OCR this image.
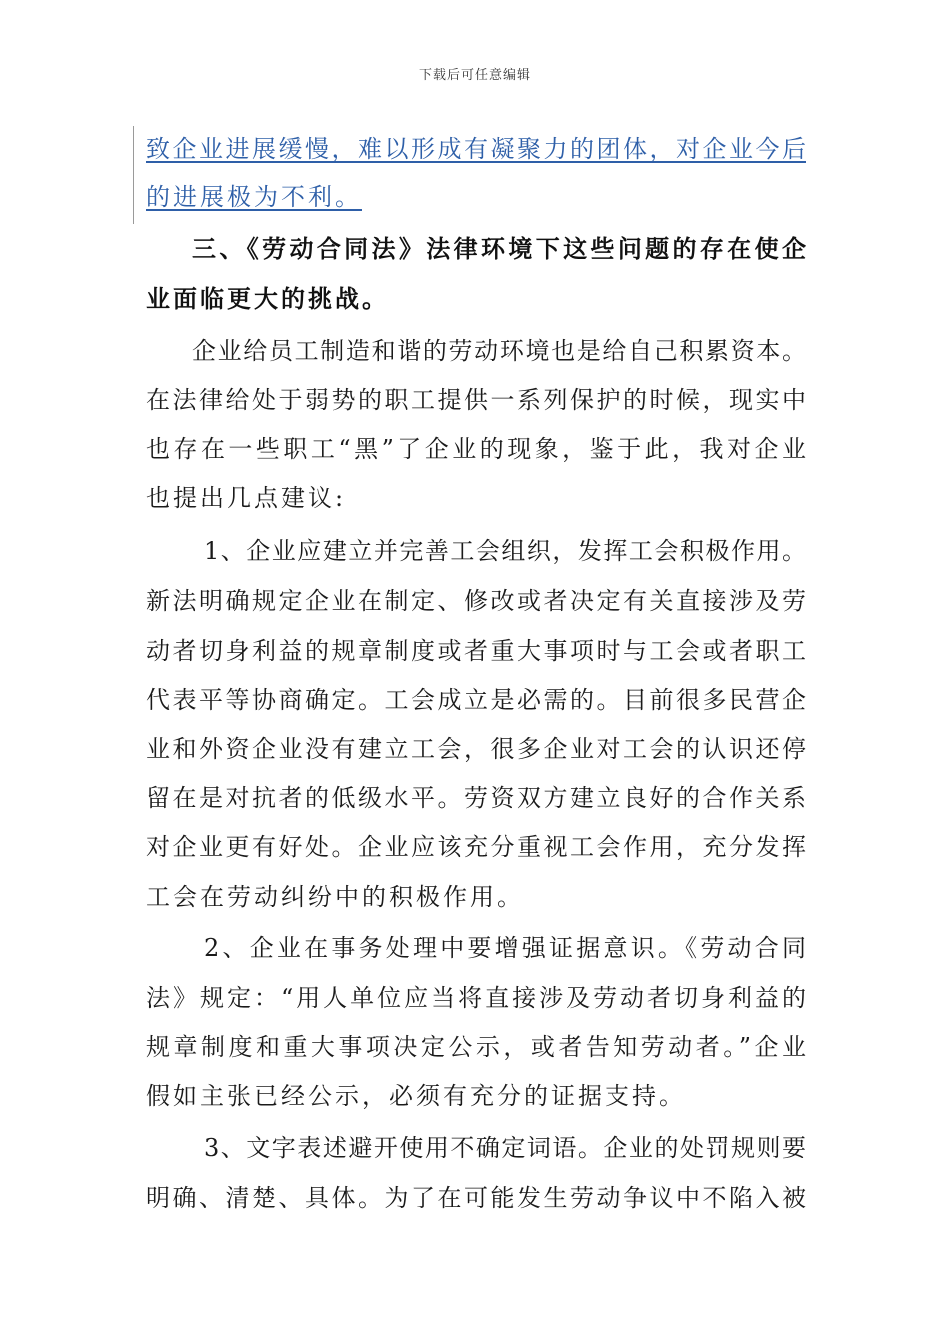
下载后可任意编辑
致企业进展缓慢，难以形成有凝聚力的团体，对企业今后
的进展极为不利。
三、《劳动合同法》法律环境下这些问题的存在使企
业面临更大的挑战。
企业给员工制造和谐的劳动环境也是给自己积累资本。
在法律给处于弱势的职工提供一系列保护的时候，现实中
也存在一些职工“黑”了企业的现象，鉴于此，我对企业
也提出几点建议:
1、企业应建立并完善工会组织，发挥工会积极作用。
新法明确规定企业在制定、修改或者决定有关直接涉及劳
动者切身利益的规章制度或者重大事项时与工会或者职工
代表平等协商确定。工会成立是必需的。目前很多民营企
业和外资企业没有建立工会，很多企业对工会的认识还停
留在是对抗者的低级水平。劳资双方建立良好的合作关系
对企业更有好处。企业应该充分重视工会作用，充分发挥
工会在劳动纠纷中的积极作用。
2、企业在事务处理中要增强证据意识。《劳动合同
法》规定：“用人单位应当将直接涉及劳动者切身利益的
规章制度和重大事项决定公示，或者告知劳动者。”企业
假如主张已经公示，必须有充分的证据支持。
3、文字表述避开使用不确定词语。企业的处罚规则要
明确、清楚、具体。为了在可能发生劳动争议中不陷入被
